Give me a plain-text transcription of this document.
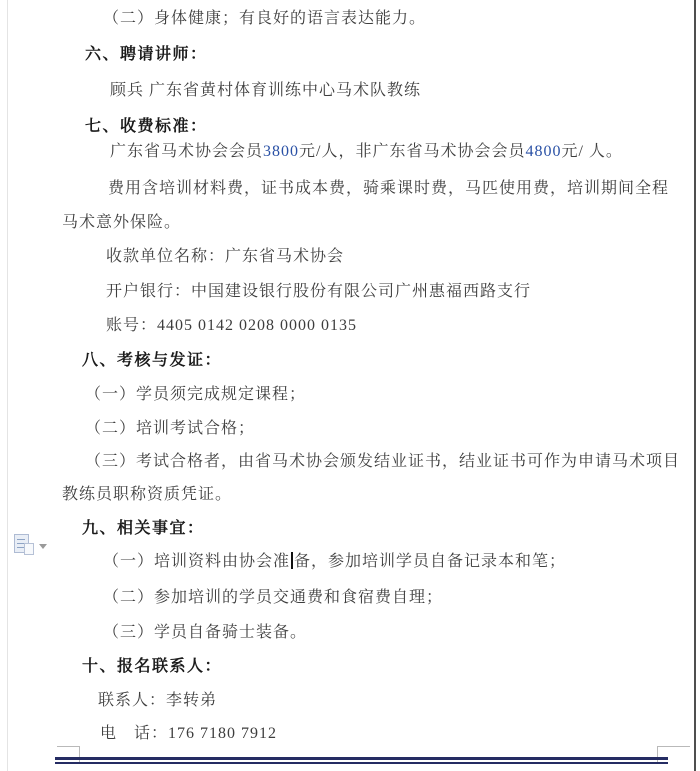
（二）身体健康；有良好的语言表达能力。
六、聘请讲师：
顾兵 广东省黄村体育训练中心马术队教练
七、收费标准：
广东省马术协会会员3800元/人，非广东省马术协会会员4800元/ 人。
费用含培训材料费，证书成本费，骑乘课时费，马匹使用费，培训期间全程
马术意外保险。
收款单位名称：广东省马术协会
开户银行：中国建设银行股份有限公司广州惠福西路支行
账号：4405 0142 0208 0000 0135
八、考核与发证：
（一）学员须完成规定课程；
（二）培训考试合格；
（三）考试合格者，由省马术协会颁发结业证书，结业证书可作为申请马术项目
教练员职称资质凭证。
九、相关事宜：
（一）培训资料由协会准 备，参加培训学员自备记录本和笔；
（二）参加培训的学员交通费和食宿费自理；
（三）学员自备骑士装备。
十、报名联系人：
联系人：李转弟
电　话：176 7180 7912
